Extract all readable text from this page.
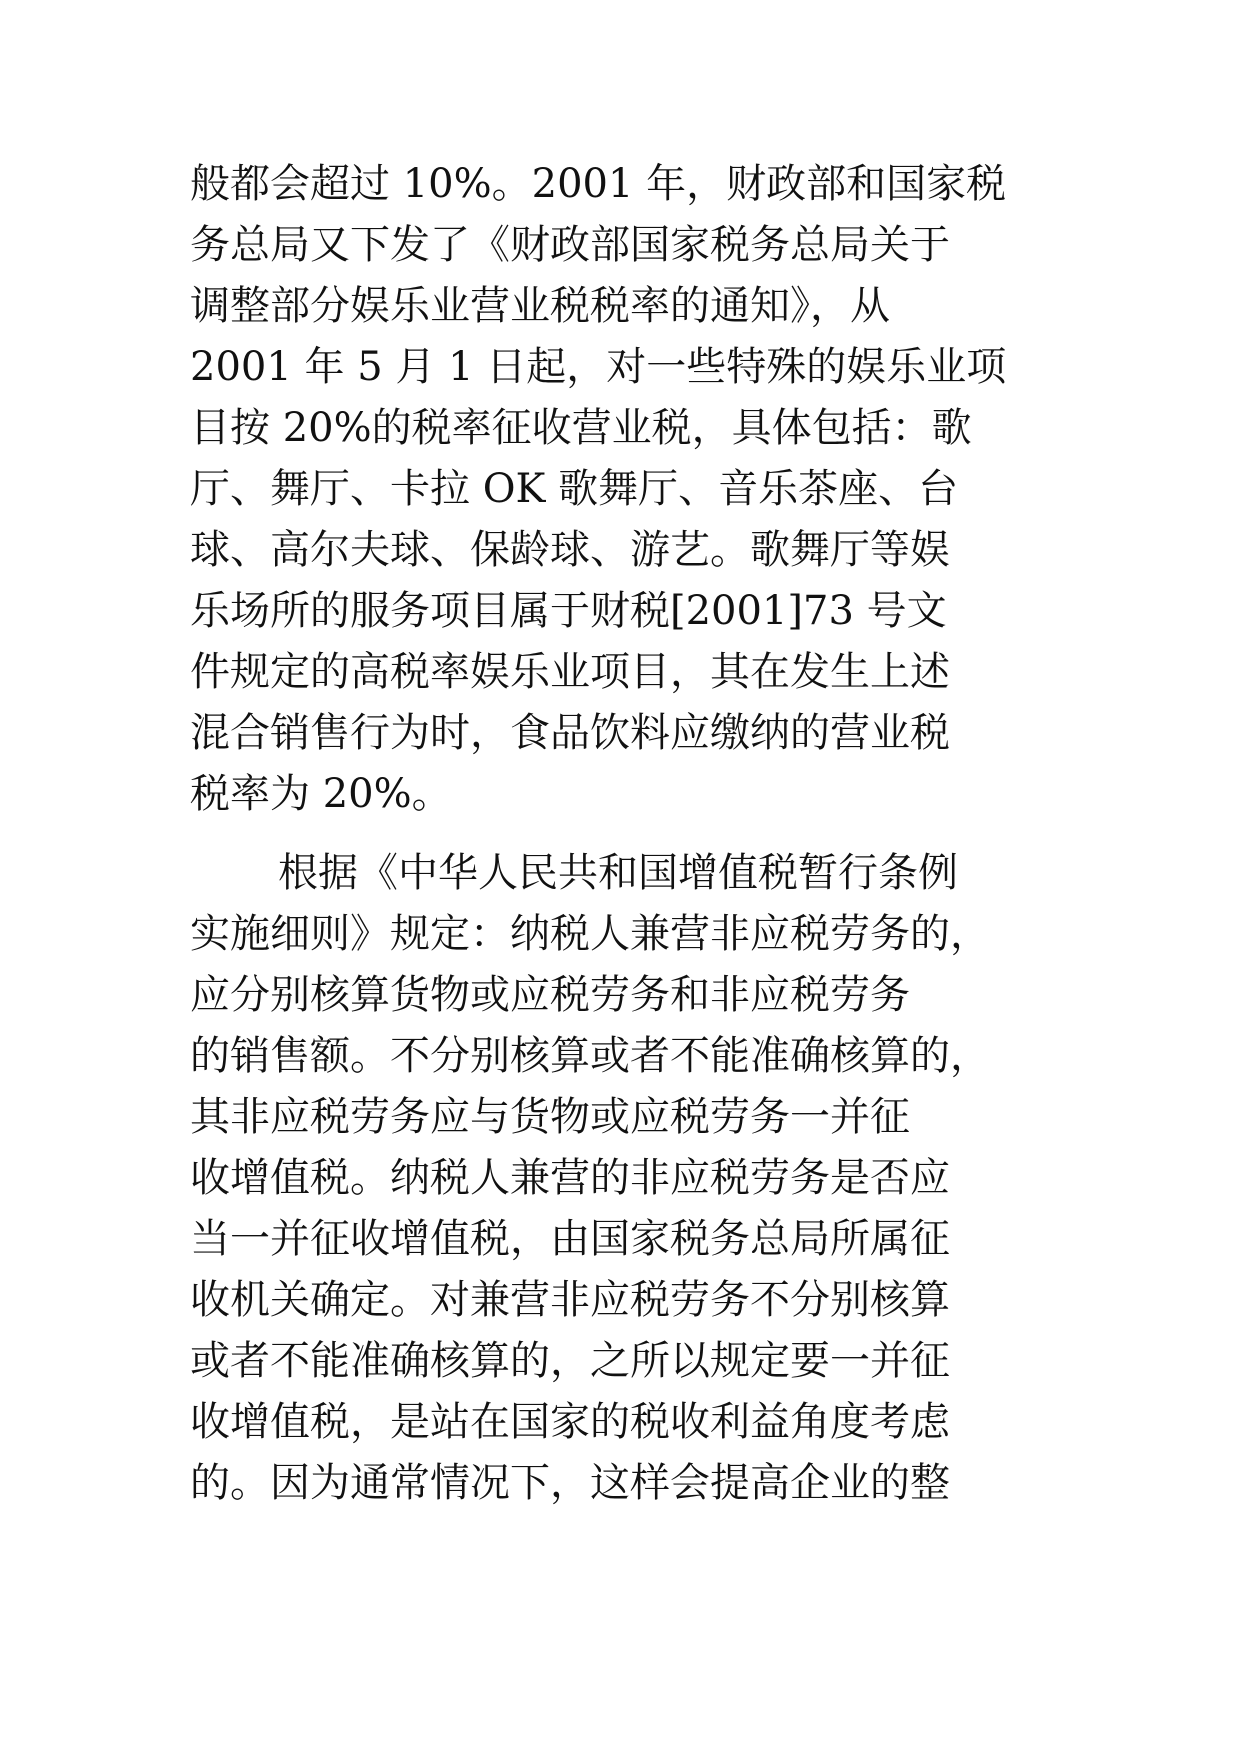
般都会超过 10%。2001 年，财政部和国家税
务总局又下发了《财政部国家税务总局关于
调整部分娱乐业营业税税率的通知》，从
2001 年 5 月 1 日起，对一些特殊的娱乐业项
目按 20%的税率征收营业税，具体包括：歌
厅、舞厅、卡拉 OK 歌舞厅、音乐茶座、台
球、高尔夫球、保龄球、游艺。歌舞厅等娱
乐场所的服务项目属于财税[2001]73 号文
件规定的高税率娱乐业项目，其在发生上述
混合销售行为时，食品饮料应缴纳的营业税
税率为 20%。
根据《中华人民共和国增值税暂行条例
实施细则》规定：纳税人兼营非应税劳务的，
应分别核算货物或应税劳务和非应税劳务
的销售额。不分别核算或者不能准确核算的，
其非应税劳务应与货物或应税劳务一并征
收增值税。纳税人兼营的非应税劳务是否应
当一并征收增值税，由国家税务总局所属征
收机关确定。对兼营非应税劳务不分别核算
或者不能准确核算的，之所以规定要一并征
收增值税，是站在国家的税收利益角度考虑
的。因为通常情况下，这样会提高企业的整
